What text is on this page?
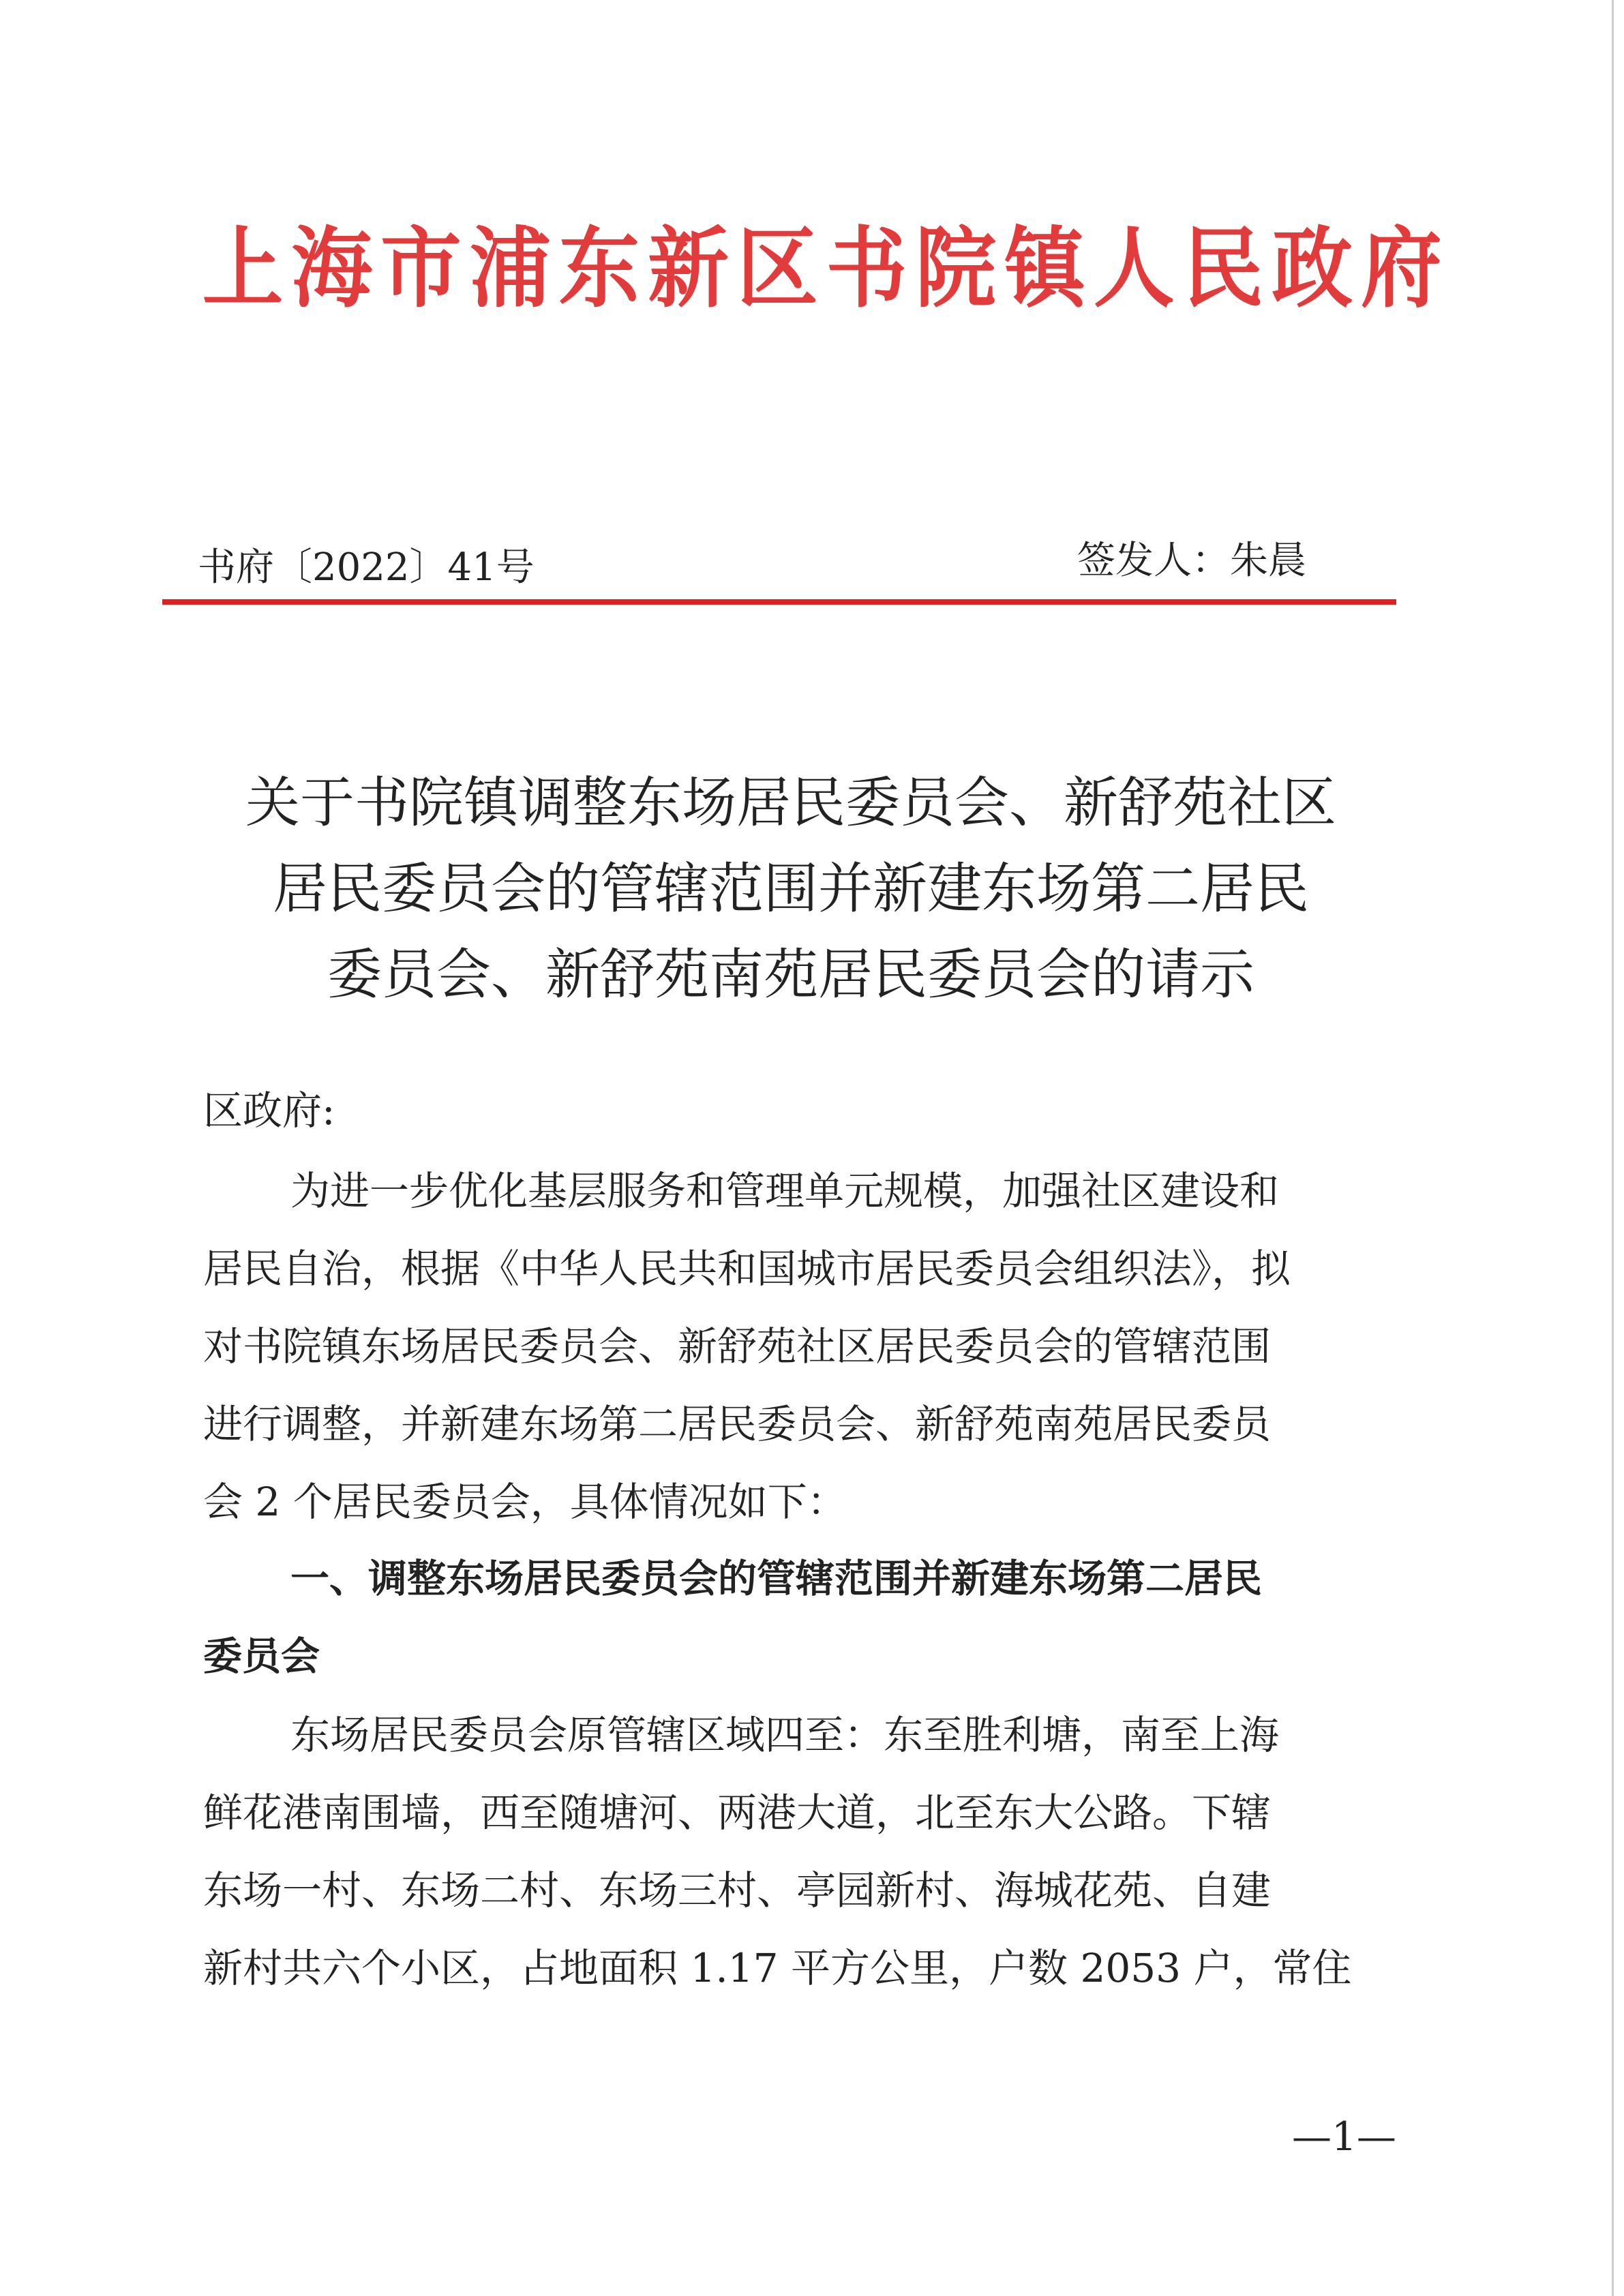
上海市浦东新区书院镇人民政府
书府〔2022〕41号	签发人：朱晨
关于书院镇调整东场居民委员会、新舒苑社区
居民委员会的管辖范围并新建东场第二居民
委员会、新舒苑南苑居民委员会的请示
区政府:
为进一步优化基层服务和管理单元规模，加强社区建设和
居民自治，根据《中华人民共和国城市居民委员会组织法》，拟
对书院镇东场居民委员会、新舒苑社区居民委员会的管辖范围
进行调整，并新建东场第二居民委员会、新舒苑南苑居民委员
会 2 个居民委员会，具体情况如下：
一、调整东场居民委员会的管辖范围并新建东场第二居民
委员会
东场居民委员会原管辖区域四至：东至胜利塘，南至上海
鲜花港南围墙，西至随塘河、两港大道，北至东大公路。下辖
东场一村、东场二村、东场三村、亭园新村、海城花苑、自建
新村共六个小区，占地面积 1.17 平方公里，户数 2053 户，常住
—1—
